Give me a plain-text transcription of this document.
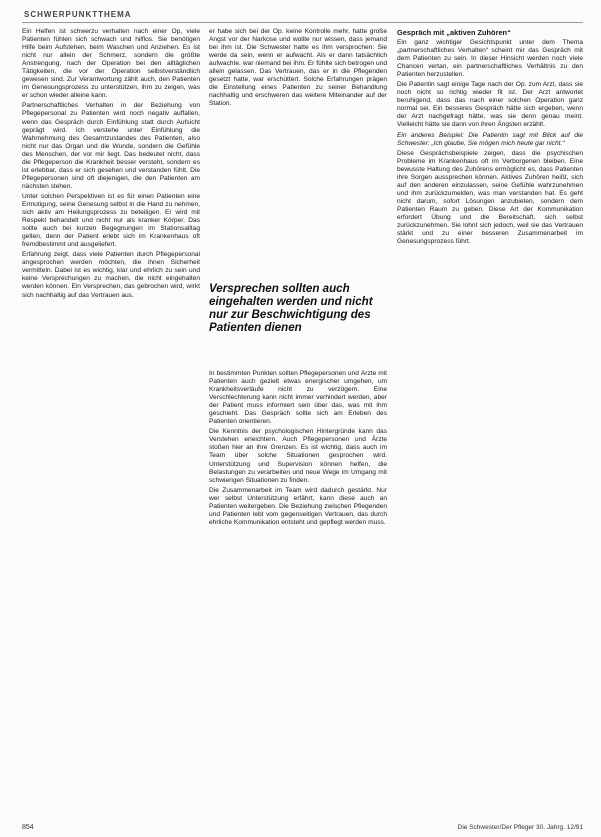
SCHWERPUNKTTHEMA

Ein Helfen ist schwerzu verhalten nach einer Op, viele Patienten fühlen sich schwach und hilflos. Sie benötigen Hilfe beim Aufstehen, beim Waschen und Anziehen. Es ist nicht nur allein der Schmerz, sondern die größte Anstrengung, nach der Operation bei den alltäglichen Tätigkeiten, die vor der Operation selbstverständlich gewesen sind. Zur Verantwortung zählt auch, den Patienten im Genesungsprozess zu unterstützen, ihm zu zeigen, was er schon wieder alleine kann.

Partnerschaftliches Verhalten in der Beziehung von Pflegepersonal zu Patienten wird noch negativ auffallen, wenn das Gespräch durch Einfühlung statt durch Aufsicht geprägt wird. Ich verstehe unter Einfühlung die Wahrnehmung des Gesamtzustandes des Patienten, also nicht nur das Organ und die Wunde, sondern die Gefühle des Menschen, der vor mir liegt. Das bedeutet nicht, dass die Pflegeperson die Krankheit besser versteht, sondern es ist erlebbar, dass er sich gesehen und verstanden fühlt. Die Pflegepersonen sind oft diejenigen, die den Patienten am nächsten stehen.

Unter solchen Perspektiven ist es für einen Patienten eine Ermutigung, seine Genesung selbst in die Hand zu nehmen, sich aktiv am Heilungsprozess zu beteiligen. Er wird mit Respekt behandelt und nicht nur als kranker Körper. Das sollte auch bei kurzen Begegnungen im Stationsalltag gelten, denn der Patient erlebt sich im Krankenhaus oft fremdbestimmt und ausgeliefert.

Erfahrung zeigt, dass viele Patienten durch Pflegepersonal angesprochen werden möchten, die ihnen Sicherheit vermitteln. Dabei ist es wichtig, klar und ehrlich zu sein und keine Versprechungen zu machen, die nicht eingehalten werden können. Ein Versprechen, das gebrochen wird, wirkt sich nachhaltig auf das Vertrauen aus.

er habe sich bei der Op. keine Kontrolle mehr, hatte große Angst vor der Narkose und wollte nur wissen, dass jemand bei ihm ist. Die Schwester hatte es ihm versprochen: Sie werde da sein, wenn er aufwacht. Als er dann tatsächlich aufwachte, war niemand bei ihm. Er fühlte sich betrogen und allein gelassen. Das Vertrauen, das er in die Pflegenden gesetzt hatte, war erschüttert. Solche Erfahrungen prägen die Einstellung eines Patienten zu seiner Behandlung nachhaltig und erschweren das weitere Miteinander auf der Station.

Versprechen sollten auch eingehalten werden und nicht nur zur Beschwichtigung des Patienten dienen

In bestimmten Punkten sollten Pflegepersonen und Ärzte mit Patienten auch gezielt etwas energischer umgehen, um Krankheitsverläufe nicht zu verzögern. Eine Verschlechterung kann nicht immer verhindert werden, aber der Patient muss informiert sein über das, was mit ihm geschieht. Das Gespräch sollte sich am Erleben des Patienten orientieren.

Die Kenntnis der psychologischen Hintergründe kann das Verstehen erleichtern. Auch Pflegepersonen und Ärzte stoßen hier an ihre Grenzen. Es ist wichtig, dass auch im Team über solche Situationen gesprochen wird. Unterstützung und Supervision können helfen, die Belastungen zu verarbeiten und neue Wege im Umgang mit schwierigen Situationen zu finden.

Die Zusammenarbeit im Team wird dadurch gestärkt. Nur wer selbst Unterstützung erfährt, kann diese auch an Patienten weitergeben. Die Beziehung zwischen Pflegenden und Patienten lebt vom gegenseitigen Vertrauen, das durch ehrliche Kommunikation entsteht und gepflegt werden muss.

Gespräch mit „aktiven Zuhören“

Ein ganz wichtiger Gesichtspunkt unter dem Thema „partnerschaftliches Verhalten“ scheint mir das Gespräch mit dem Patienten zu sein. In dieser Hinsicht werden noch viele Chancen vertan, ein partnerschaftliches Verhältnis zu den Patienten herzustellen.

Die Patientin sagt einige Tage nach der Op. zum Arzt, dass sie noch nicht so richtig wieder fit ist. Der Arzt antwortet beruhigend, dass das nach einer solchen Operation ganz normal sei. Ein besseres Gespräch hätte sich ergeben, wenn der Arzt nachgefragt hätte, was sie denn genau meint. Vielleicht hätte sie dann von ihren Ängsten erzählt.

Ein anderes Beispiel: Die Patientin sagt mit Blick auf die Schwester: „Ich glaube, Sie mögen mich heute gar nicht.“

Diese Gesprächsbeispiele zeigen, dass die psychischen Probleme im Krankenhaus oft im Verborgenen bleiben. Eine bewusste Haltung des Zuhörens ermöglicht es, dass Patienten ihre Sorgen aussprechen können. Aktives Zuhören heißt, sich auf den anderen einzulassen, seine Gefühle wahrzunehmen und ihm zurückzumelden, was man verstanden hat. Es geht nicht darum, sofort Lösungen anzubieten, sondern dem Patienten Raum zu geben. Diese Art der Kommunikation erfordert Übung und die Bereitschaft, sich selbst zurückzunehmen. Sie lohnt sich jedoch, weil sie das Vertrauen stärkt und zu einer besseren Zusammenarbeit im Genesungsprozess führt.

854	Die Schwester/Der Pfleger 30. Jahrg. 12/91
